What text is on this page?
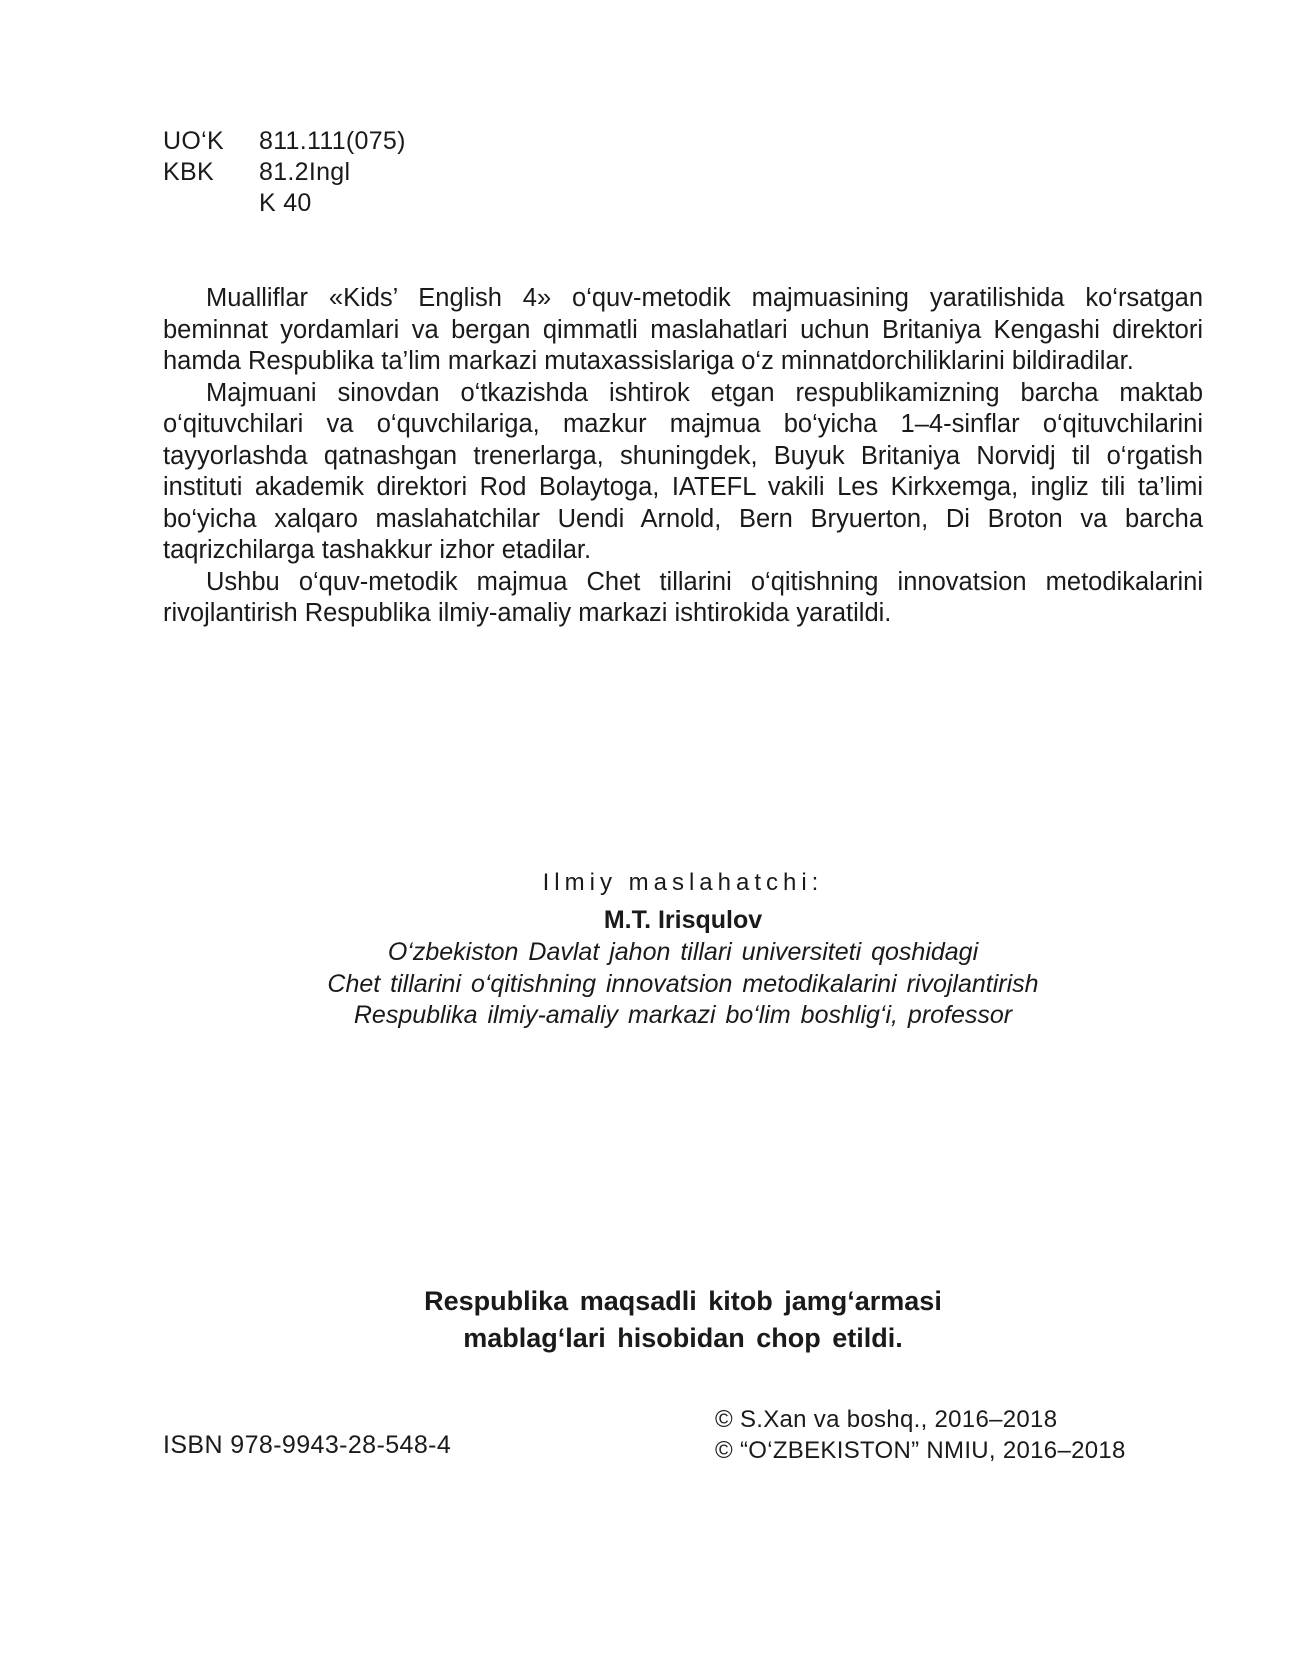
UO‘K	811.111(075)
KBK	81.2Ingl
K 40

Mualliflar «Kids’ English 4» o‘quv-metodik majmuasining yaratilishida ko‘rsatgan beminnat yordamlari va bergan qimmatli maslahatlari uchun Britaniya Kengashi direktori hamda Respublika ta’lim markazi mutaxassislariga o‘z minnatdorchiliklarini bildiradilar.

Majmuani sinovdan o‘tkazishda ishtirok etgan respublikamizning barcha maktab o‘qituvchilari va o‘quvchilariga, mazkur majmua bo‘yicha 1–4-sinflar o‘qituvchilarini tayyorlashda qatnashgan trenerlarga, shuningdek, Buyuk Britaniya Norvidj til o‘rgatish instituti akademik direktori Rod Bolaytoga, IATEFL vakili Les Kirkxemga, ingliz tili ta’limi bo‘yicha xalqaro maslahatchilar Uendi Arnold, Bern Bryuerton, Di Broton va barcha taqrizchilarga tashakkur izhor etadilar.

Ushbu o‘quv-metodik majmua Chet tillarini o‘qitishning innovatsion metodikalarini rivojlantirish Respublika ilmiy-amaliy markazi ishtirokida yaratildi.

Ilmiy maslahatchi:
M.T. Irisqulov
O‘zbekiston Davlat jahon tillari universiteti qoshidagi
Chet tillarini o‘qitishning innovatsion metodikalarini rivojlantirish
Respublika ilmiy-amaliy markazi bo‘lim boshlig‘i, professor
Respublika maqsadli kitob jamg‘armasi
mablag‘lari hisobidan chop etildi.
ISBN 978-9943-28-548-4
© S.Xan va boshq., 2016–2018
© “O‘ZBEKISTON” NMIU, 2016–2018
